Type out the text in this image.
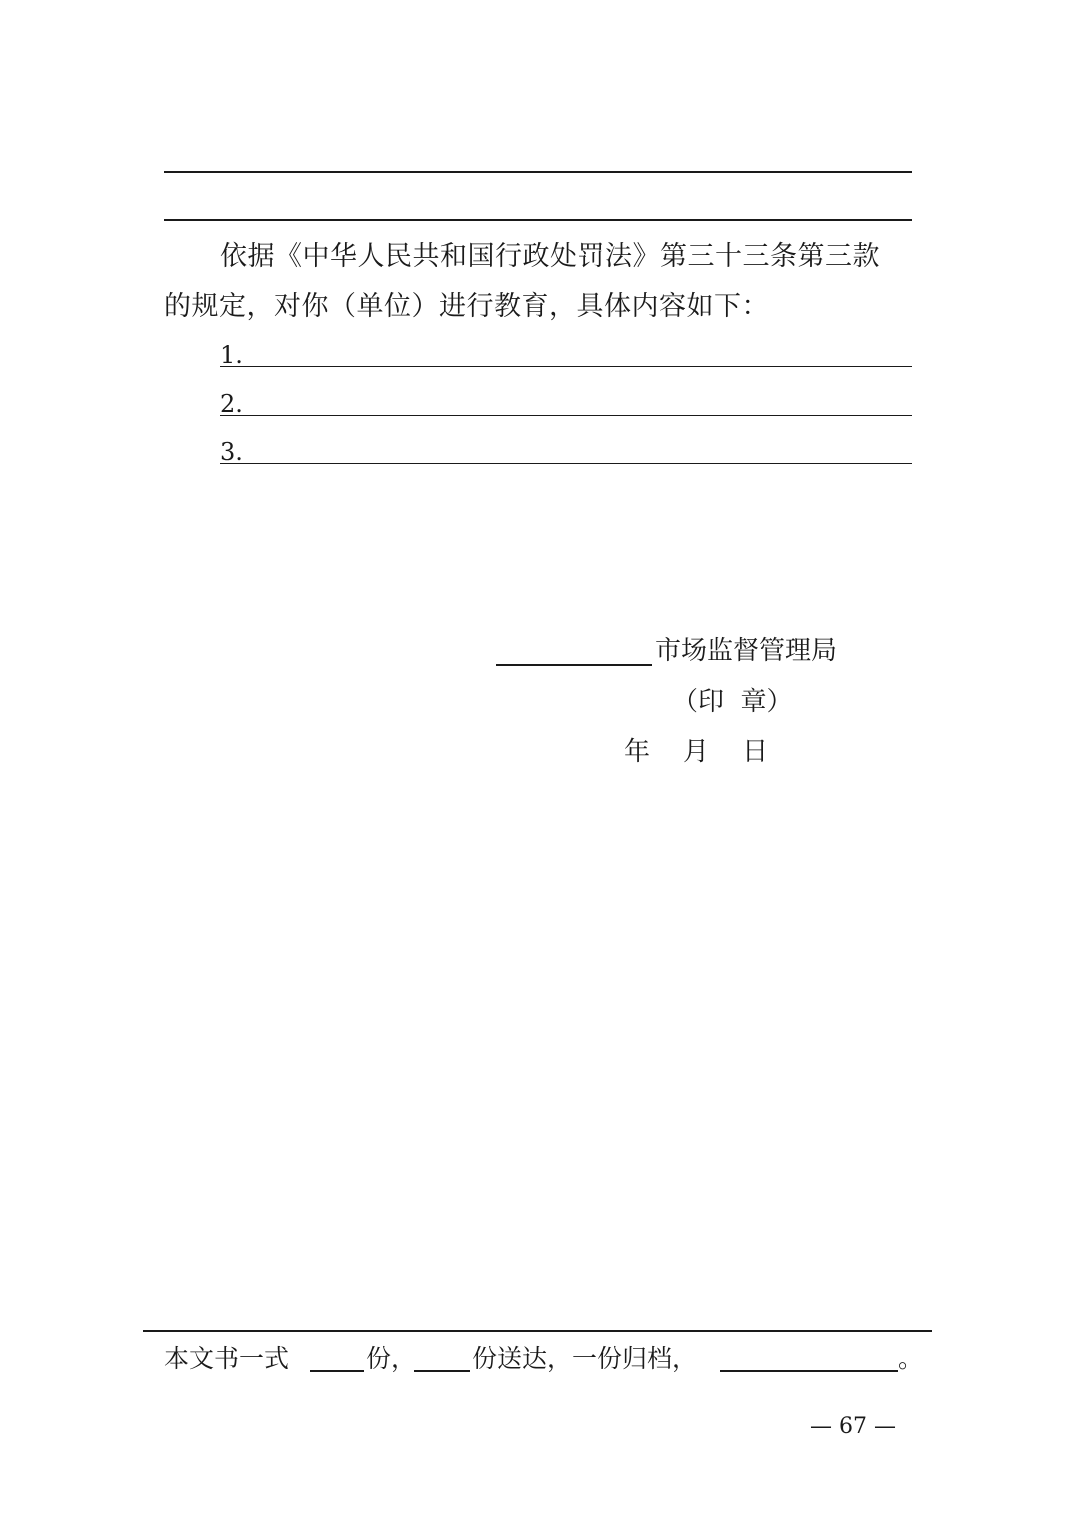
依据《中华人民共和国行政处罚法》第三十三条第三款
的规定，对你（单位）进行教育，具体内容如下：
1.
2.
3.
市场监督管理局
（印  章）
年    月    日
本文书一式	份， 份送达，一份归档，	。
— 67 —
